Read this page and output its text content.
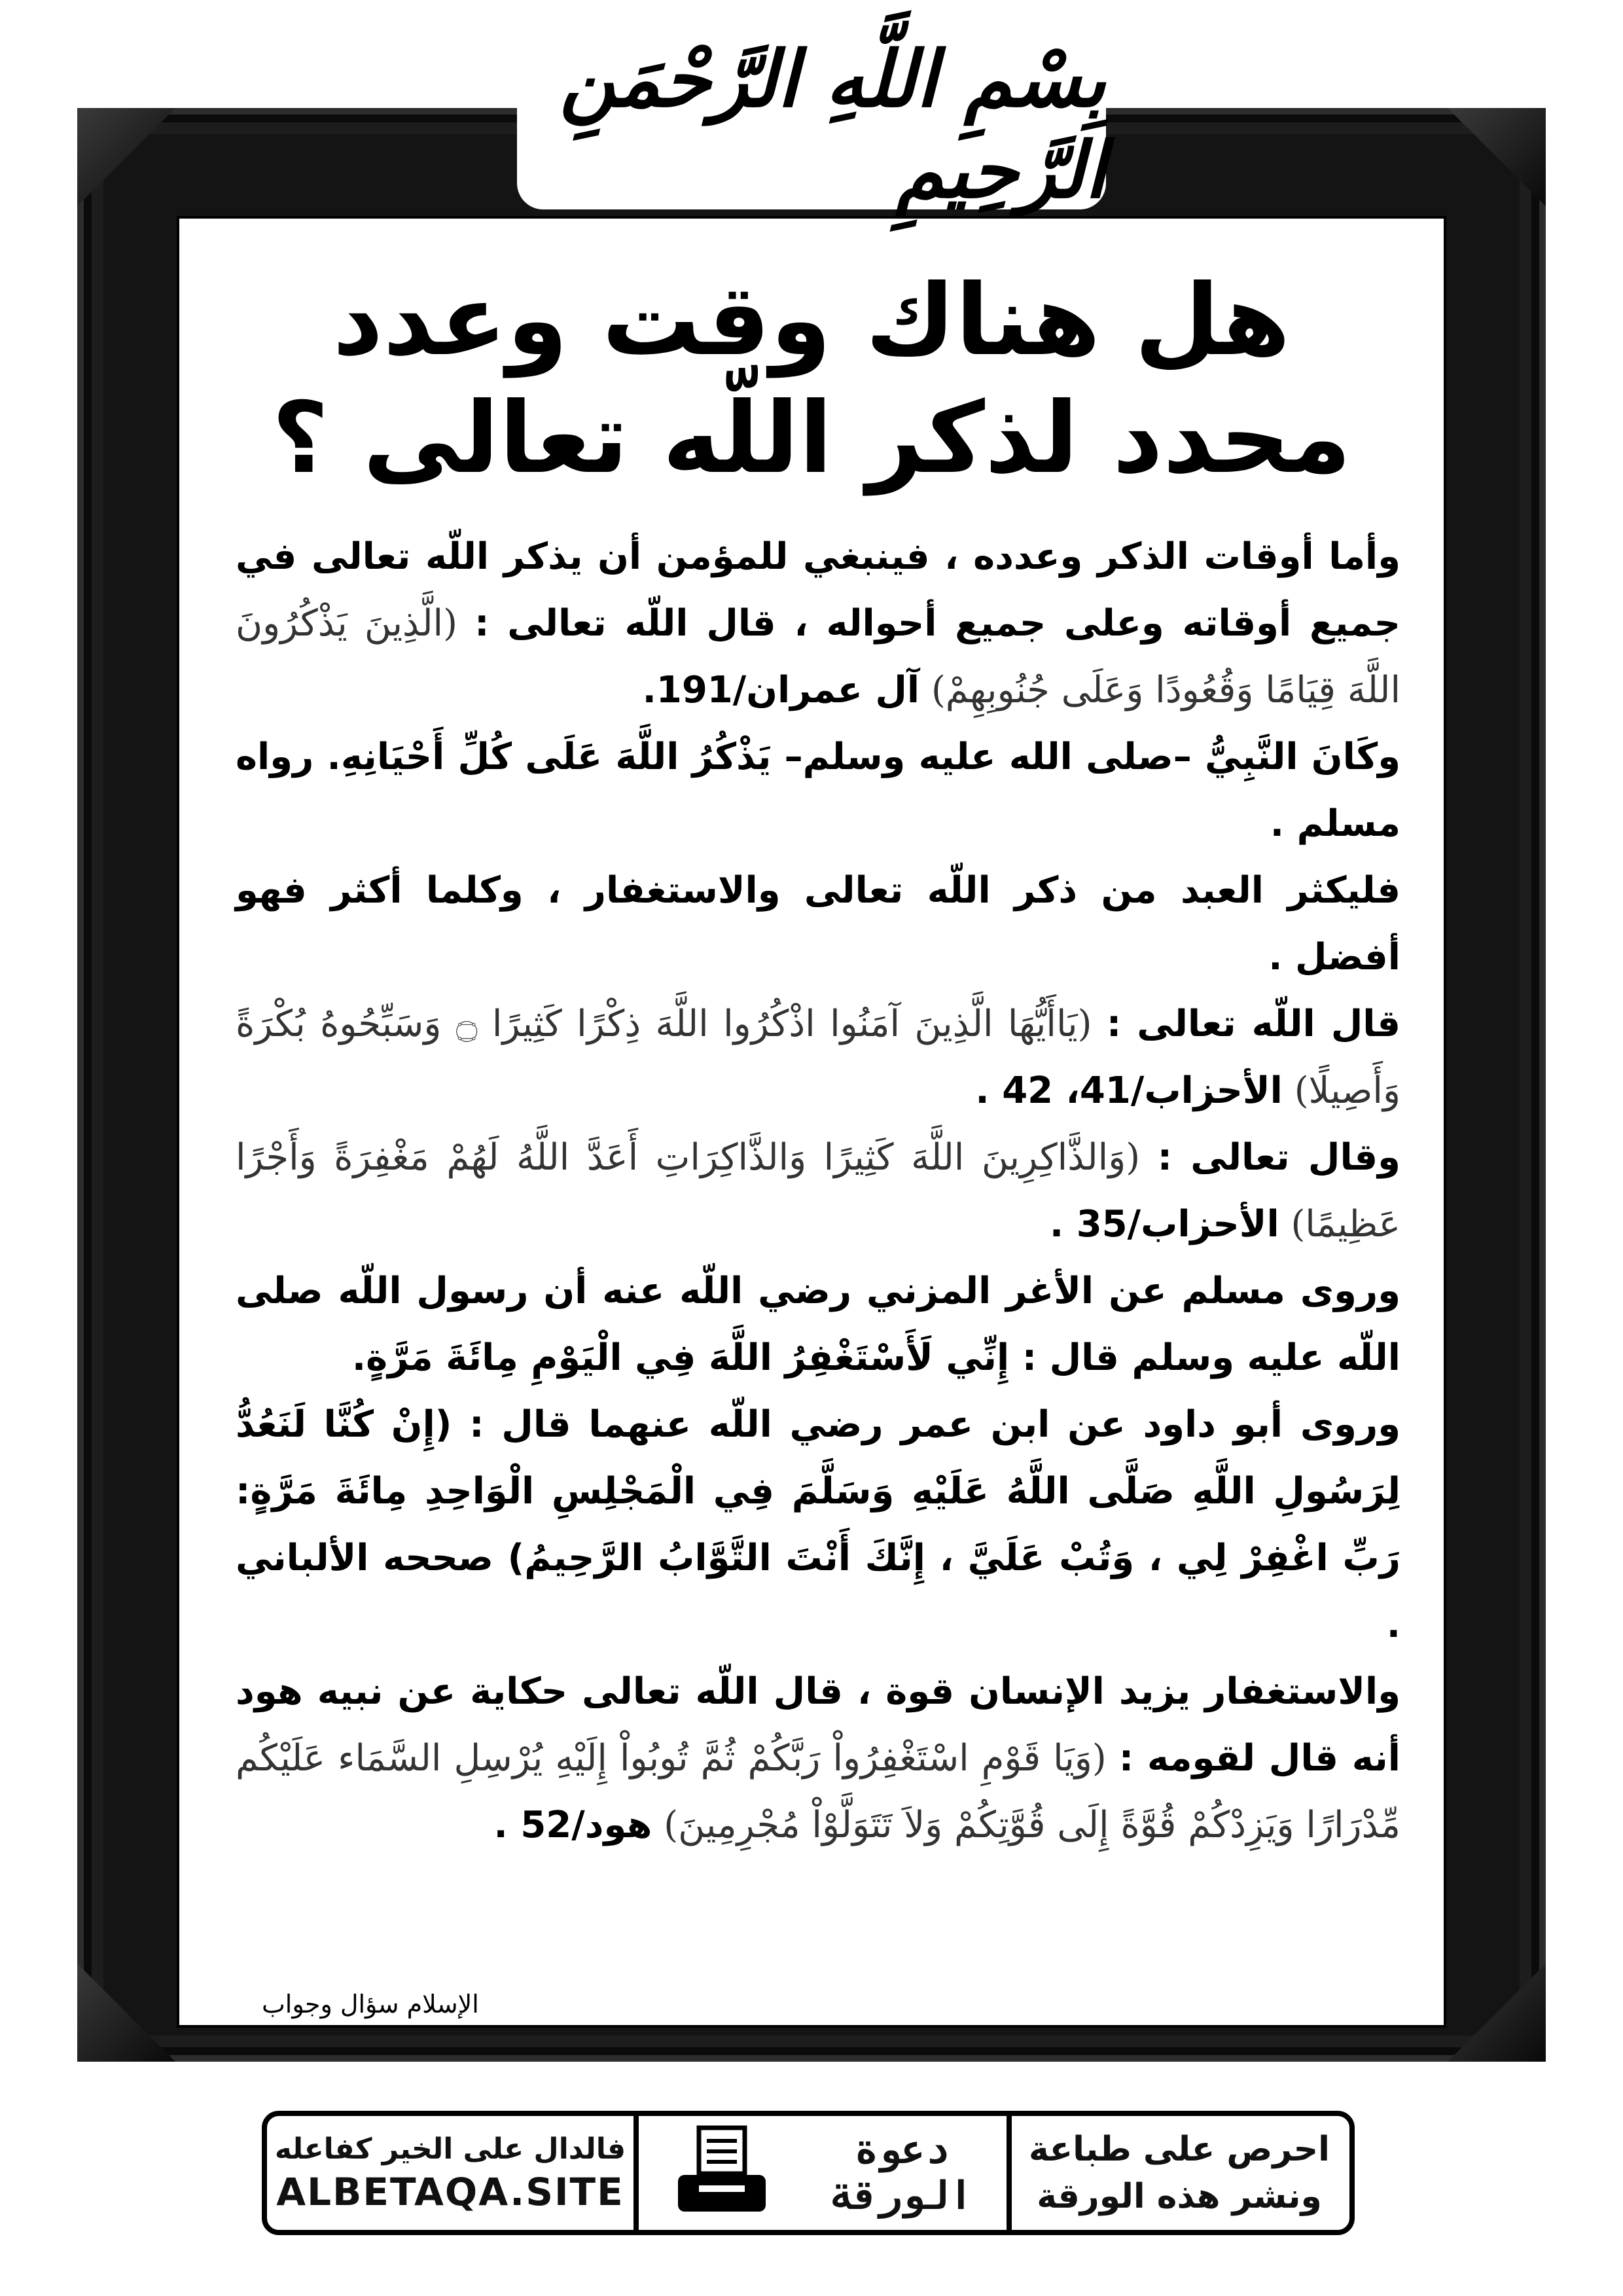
بِسْمِ اللَّهِ الرَّحْمَنِ الرَّحِيمِ
هل هناك وقت وعدد
محدد لذكر اللّه تعالى ؟

وأما أوقات الذكر وعدده ، فينبغي للمؤمن أن يذكر اللّه تعالى في جميع أوقاته وعلى جميع أحواله ، قال اللّه تعالى : (الَّذِينَ يَذْكُرُونَ اللَّهَ قِيَامًا وَقُعُودًا وَعَلَى جُنُوبِهِمْ) آل عمران/191.

وكَانَ النَّبِيُّ –صلى الله عليه وسلم– يَذْكُرُ اللَّهَ عَلَى كُلِّ أَحْيَانِهِ. رواه مسلم .

فليكثر العبد من ذكر اللّه تعالى والاستغفار ، وكلما أكثر فهو أفضل .

قال اللّه تعالى : (يَاأَيُّهَا الَّذِينَ آمَنُوا اذْكُرُوا اللَّهَ ذِكْرًا كَثِيرًا ۝ وَسَبِّحُوهُ بُكْرَةً وَأَصِيلًا) الأحزاب/41، 42 .

وقال تعالى : (وَالذَّاكِرِينَ اللَّهَ كَثِيرًا وَالذَّاكِرَاتِ أَعَدَّ اللَّهُ لَهُمْ مَغْفِرَةً وَأَجْرًا عَظِيمًا) الأحزاب/35 .

وروى مسلم عن الأغر المزني رضي اللّه عنه أن رسول اللّه صلى اللّه عليه وسلم قال : إِنِّي لَأَسْتَغْفِرُ اللَّهَ فِي الْيَوْمِ مِائَةَ مَرَّةٍ.

وروى أبو داود عن ابن عمر رضي اللّه عنهما قال : (إِنْ كُنَّا لَنَعُدُّ لِرَسُولِ اللَّهِ صَلَّى اللَّهُ عَلَيْهِ وَسَلَّمَ فِي الْمَجْلِسِ الْوَاحِدِ مِائَةَ مَرَّةٍ: رَبِّ اغْفِرْ لِي ، وَتُبْ عَلَيَّ ، إِنَّكَ أَنْتَ التَّوَّابُ الرَّحِيمُ) صححه الألباني .

والاستغفار يزيد الإنسان قوة ، قال اللّه تعالى حكاية عن نبيه هود أنه قال لقومه : (وَيَا قَوْمِ اسْتَغْفِرُواْ رَبَّكُمْ ثُمَّ تُوبُواْ إِلَيْهِ يُرْسِلِ السَّمَاء عَلَيْكُم مِّدْرَارًا وَيَزِدْكُمْ قُوَّةً إِلَى قُوَّتِكُمْ وَلاَ تَتَوَلَّوْاْ مُجْرِمِينَ) هود/52 .

الإسلام سؤال وجواب
فالدال على الخير كفاعله
ALBETAQA.SITE
دعوة
الورقة
احرص على طباعة
ونشر هذه الورقة
